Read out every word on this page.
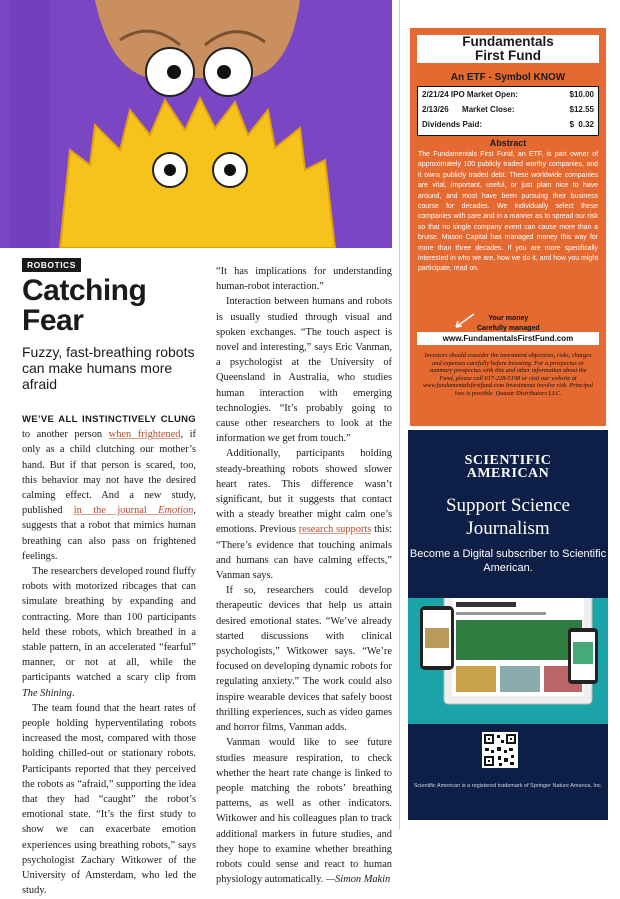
ROBOTICS
Catching Fear
Fuzzy, fast-breathing robots can make humans more afraid

WE’VE ALL INSTINCTIVELY CLUNG to another person when frightened, if only as a child clutching our mother’s hand. But if that person is scared, too, this behavior may not have the desired calming effect. And a new study, published in the journal Emotion, suggests that a robot that mimics human breathing can also pass on frightened feelings.

The researchers developed round fluffy robots with motorized ribcages that can simulate breathing by expanding and contracting. More than 100 participants held these robots, which breathed in a stable pattern, in an accelerated “fearful” manner, or not at all, while the participants watched a scary clip from The Shining.

The team found that the heart rates of people holding hyperventilating robots increased the most, compared with those holding chilled-out or stationary robots. Participants reported that they perceived the robots as “afraid,” supporting the idea that they had “caught” the robot’s emotional state. “It’s the first study to show we can exacerbate emotion experiences using breathing robots,” says psychologist Zachary Witkower of the University of Amsterdam, who led the study.

“It has implications for understanding human-robot interaction.”

Interaction between humans and robots is usually studied through visual and spoken exchanges. “The touch aspect is novel and interesting,” says Eric Vanman, a psychologist at the University of Queensland in Australia, who studies human interaction with emerging technologies. “It’s probably going to cause other researchers to look at the information we get from touch.”

Additionally, participants holding steady-breathing robots showed slower heart rates. This difference wasn’t significant, but it suggests that contact with a steady breather might calm one’s emotions. Previous research supports this: “There’s evidence that touching animals and humans can have calming effects,” Vanman says.

If so, researchers could develop therapeutic devices that help us attain desired emotional states. “We’ve already started discussions with clinical psychologists,” Witkower says. “We’re focused on developing dynamic robots for regulating anxiety.” The work could also inspire wearable devices that safely boost thrilling experiences, such as video games and horror films, Vanman adds.

Vanman would like to see future studies measure respiration, to check whether the heart rate change is linked to people matching the robots’ breathing patterns, as well as other indicators. Witkower and his colleagues plan to track additional markers in future studies, and they hope to examine whether breathing robots could sense and react to human physiology automatically. —Simon Makin

Fundamentals
First Fund
An ETF - Symbol KNOW
2/21/24 IPO Market Open:	$10.00
2/13/26      Market Close:	$12.55
Dividends Paid:	$  0.32
Abstract
The Fundamentals First Fund, an ETF, is part owner of approximately 100 publicly traded worthy companies, and it owns publicly traded debt. These worldwide companies are vital, important, useful, or just plain nice to have around, and most have been pursuing their business course for decades. We individually select these companies with care and in a manner as to spread our risk so that no single company event can cause more than a bruise. Mason Capital has managed money this way for more than three decades. If you are more specifically interested in who we are, how we do it, and how you might participate, read on.
Your money
Carefully managed
www.FundamentalsFirstFund.com
Investors should consider the investment objectives, risks, charges and expenses carefully before investing. For a prospectus or summary prospectus with this and other information about the Fund, please call 617-228-5198 or visit our website at www.fundamentalsfirstfund.com Investments involve risk. Principal loss is possible. Quasar Distributors LLC.
SCIENTIFIC
AMERICAN
Support Science Journalism
Become a Digital subscriber to Scientific American.
Scientific American is a registered trademark of Springer Nature America, Inc.
